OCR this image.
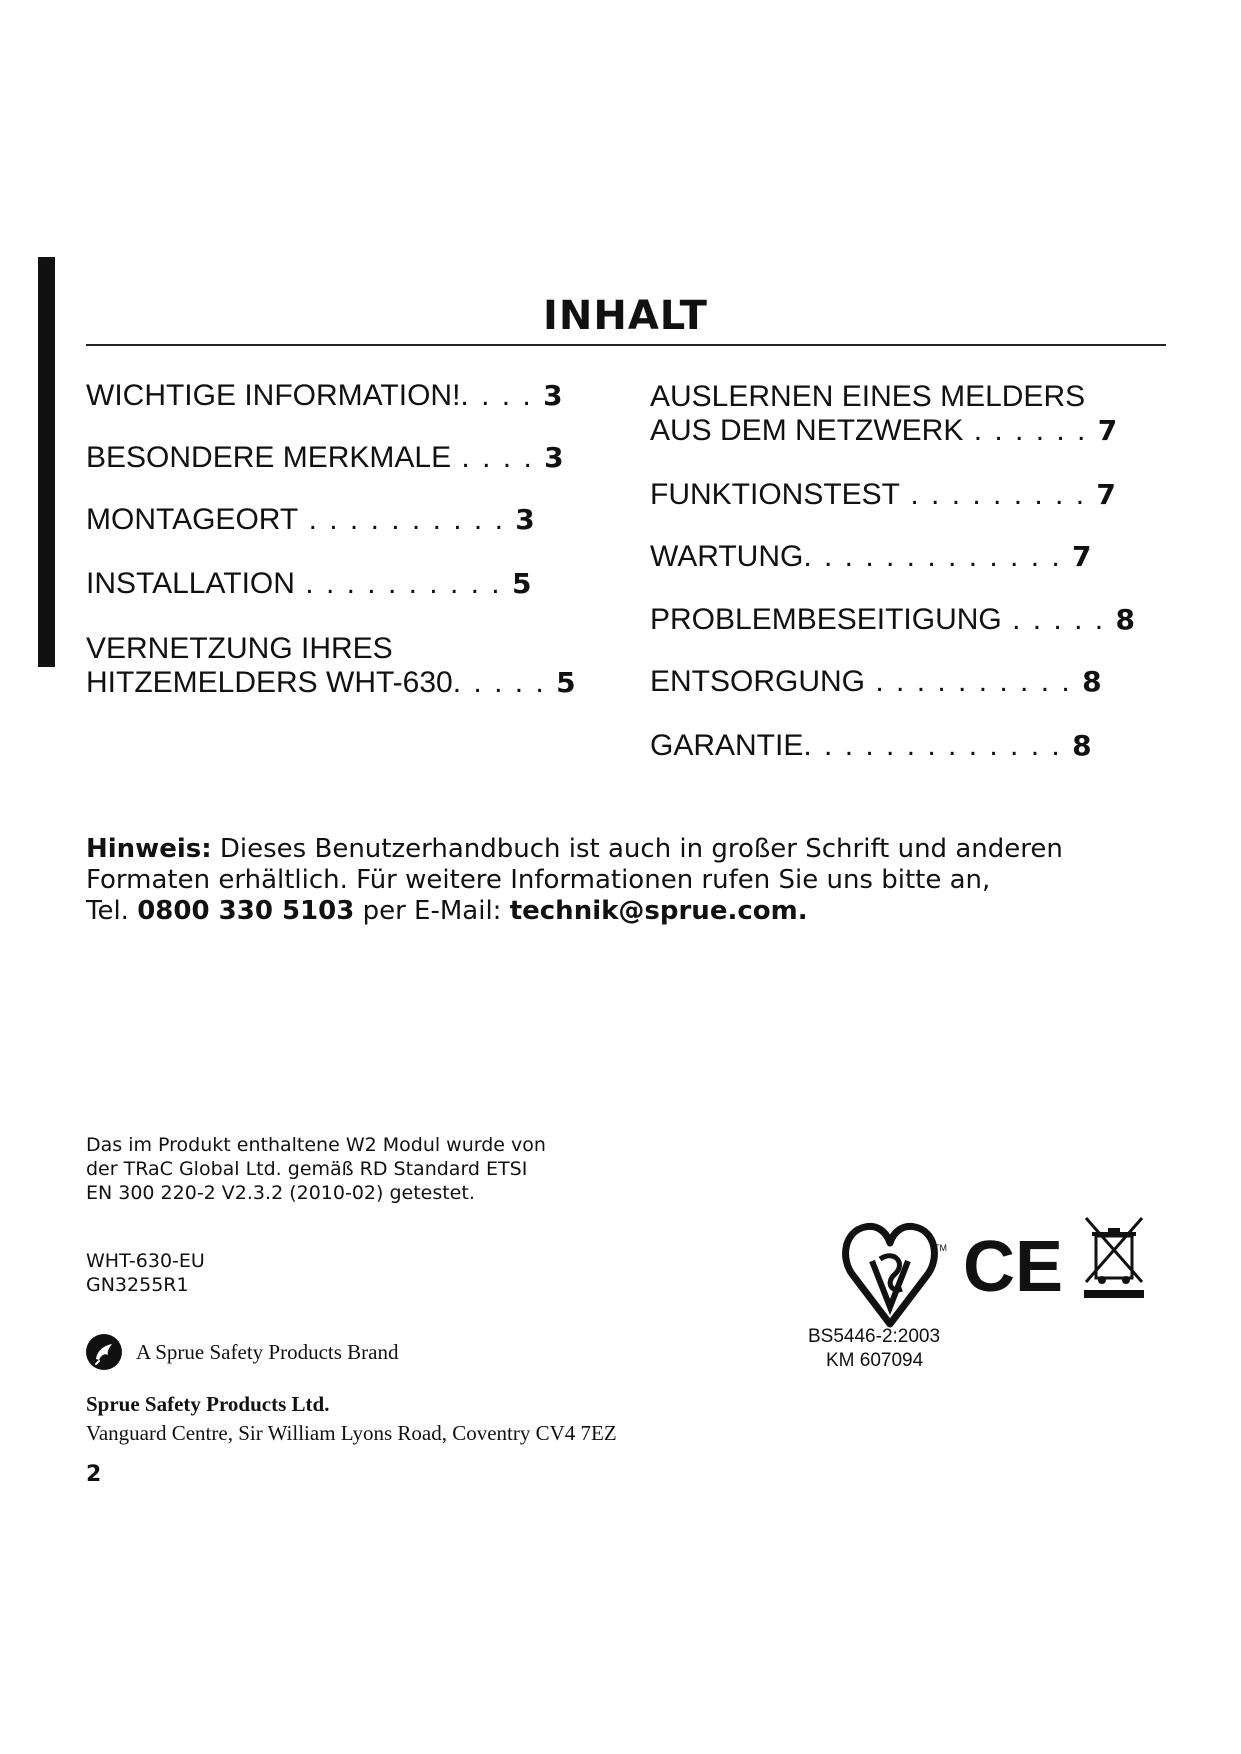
INHALT
WICHTIGE INFORMATION!. . . . 3
BESONDERE MERKMALE . . . . 3
MONTAGEORT . . . . . . . . . . 3
INSTALLATION . . . . . . . . . . 5
VERNETZUNG IHRES
HITZEMELDERS WHT-630. . . . . 5
AUSLERNEN EINES MELDERS
AUS DEM NETZWERK . . . . . . 7
FUNKTIONSTEST . . . . . . . . . 7
WARTUNG. . . . . . . . . . . . . 7
PROBLEMBESEITIGUNG . . . . . 8
ENTSORGUNG . . . . . . . . . . 8
GARANTIE. . . . . . . . . . . . . 8
Hinweis: Dieses Benutzerhandbuch ist auch in großer Schrift und anderen
Formaten erhältlich. Für weitere Informationen rufen Sie uns bitte an,
Tel. 0800 330 5103 per E-Mail: technik@sprue.com.
Das im Produkt enthaltene W2 Modul wurde von
der TRaC Global Ltd. gemäß RD Standard ETSI
EN 300 220-2 V2.3.2 (2010-02) getestet.
WHT-630-EU
GN3255R1
A Sprue Safety Products Brand
Sprue Safety Products Ltd.
Vanguard Centre, Sir William Lyons Road, Coventry CV4 7EZ
2
TM CE
BS5446-2:2003
KM 607094
